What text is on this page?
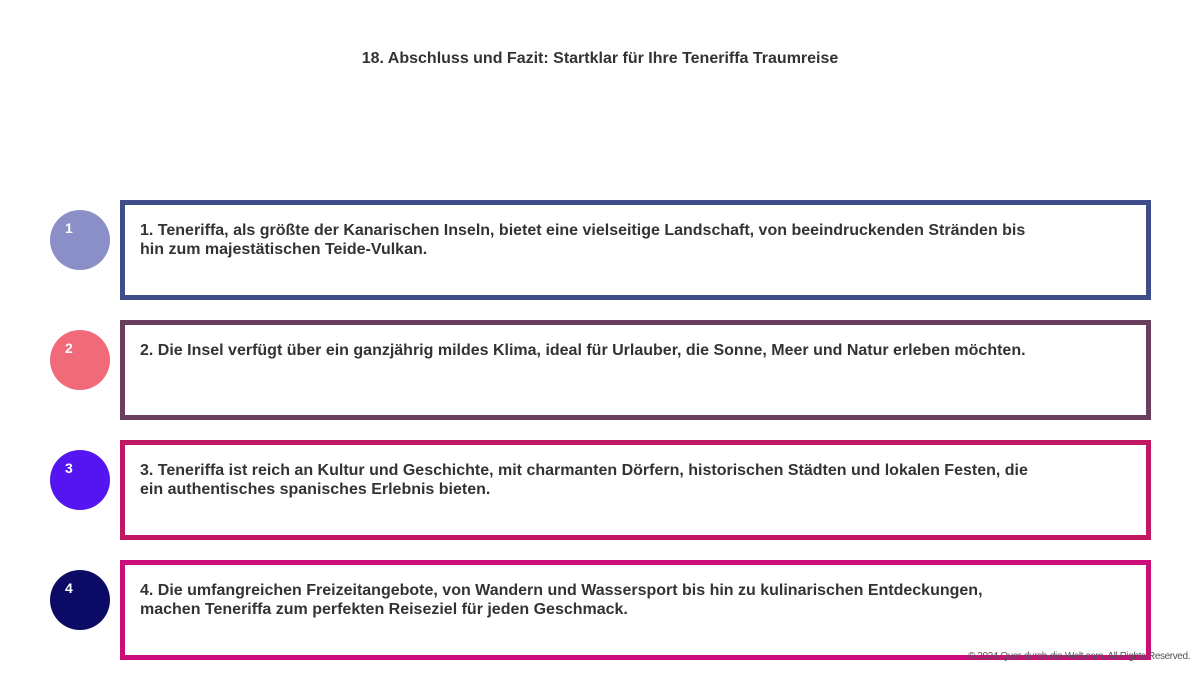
18. Abschluss und Fazit: Startklar für Ihre Teneriffa Traumreise
1	1. Teneriffa, als größte der Kanarischen Inseln, bietet eine vielseitige Landschaft, von beeindruckenden Stränden bis hin zum majestätischen Teide-Vulkan.
2	2. Die Insel verfügt über ein ganzjährig mildes Klima, ideal für Urlauber, die Sonne, Meer und Natur erleben möchten.
3	3. Teneriffa ist reich an Kultur und Geschichte, mit charmanten Dörfern, historischen Städten und lokalen Festen, die ein authentisches spanisches Erlebnis bieten.
4	4. Die umfangreichen Freizeitangebote, von Wandern und Wassersport bis hin zu kulinarischen Entdeckungen, machen Teneriffa zum perfekten Reiseziel für jeden Geschmack.
© 2024 Quer-durch-die-Welt.com. All Rights Reserved.
